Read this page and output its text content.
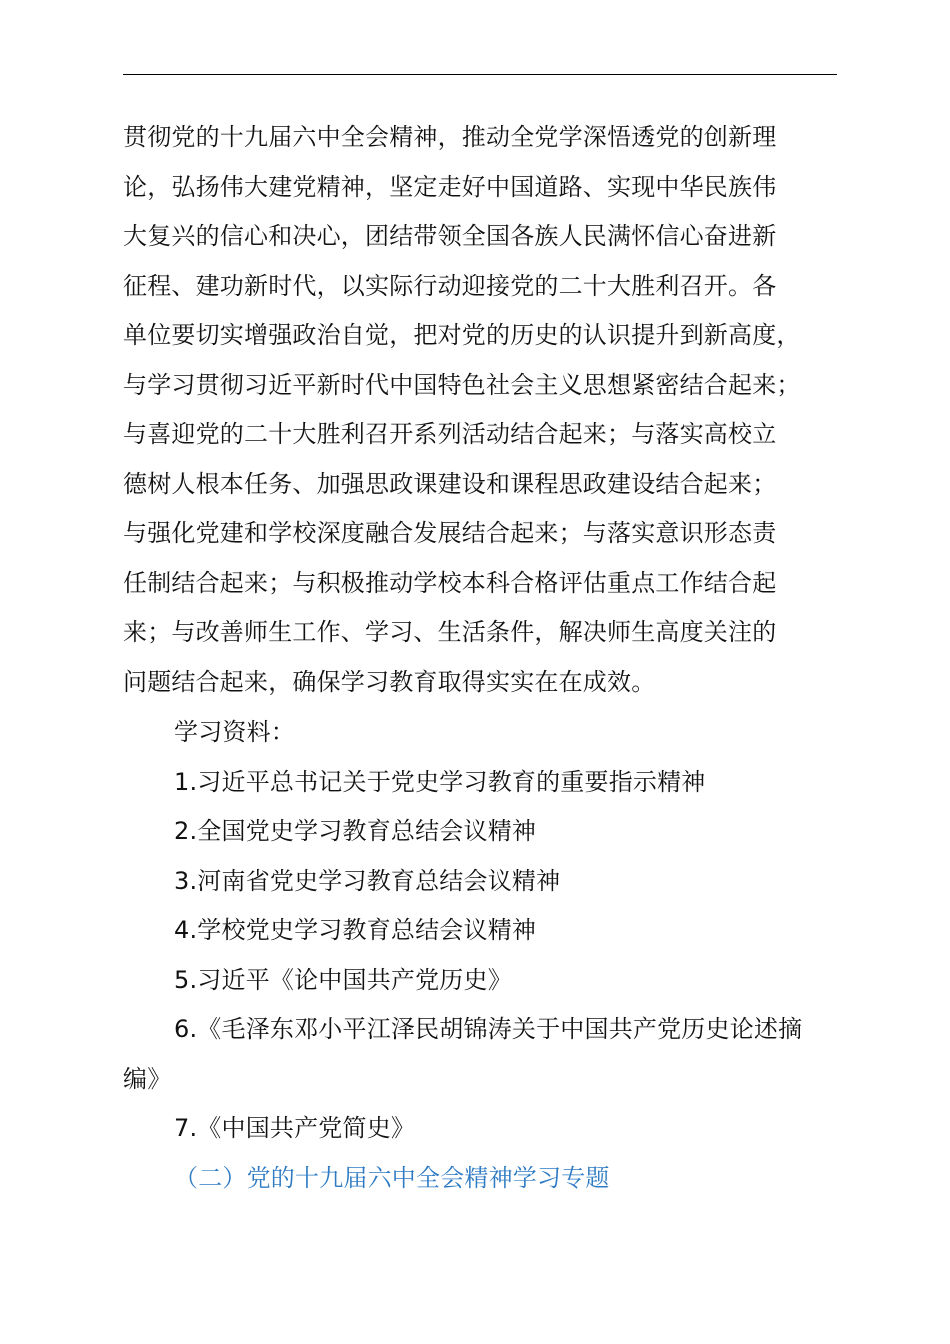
贯彻党的十九届六中全会精神，推动全党学深悟透党的创新理
论，弘扬伟大建党精神，坚定走好中国道路、实现中华民族伟
大复兴的信心和决心，团结带领全国各族人民满怀信心奋进新
征程、建功新时代，以实际行动迎接党的二十大胜利召开。各
单位要切实增强政治自觉，把对党的历史的认识提升到新高度，
与学习贯彻习近平新时代中国特色社会主义思想紧密结合起来；
与喜迎党的二十大胜利召开系列活动结合起来；与落实高校立
德树人根本任务、加强思政课建设和课程思政建设结合起来；
与强化党建和学校深度融合发展结合起来；与落实意识形态责
任制结合起来；与积极推动学校本科合格评估重点工作结合起
来；与改善师生工作、学习、生活条件，解决师生高度关注的
问题结合起来，确保学习教育取得实实在在成效。
学习资料：
1.习近平总书记关于党史学习教育的重要指示精神
2.全国党史学习教育总结会议精神
3.河南省党史学习教育总结会议精神
4.学校党史学习教育总结会议精神
5.习近平《论中国共产党历史》
6.《毛泽东邓小平江泽民胡锦涛关于中国共产党历史论述摘
编》
7.《中国共产党简史》
（二）党的十九届六中全会精神学习专题
